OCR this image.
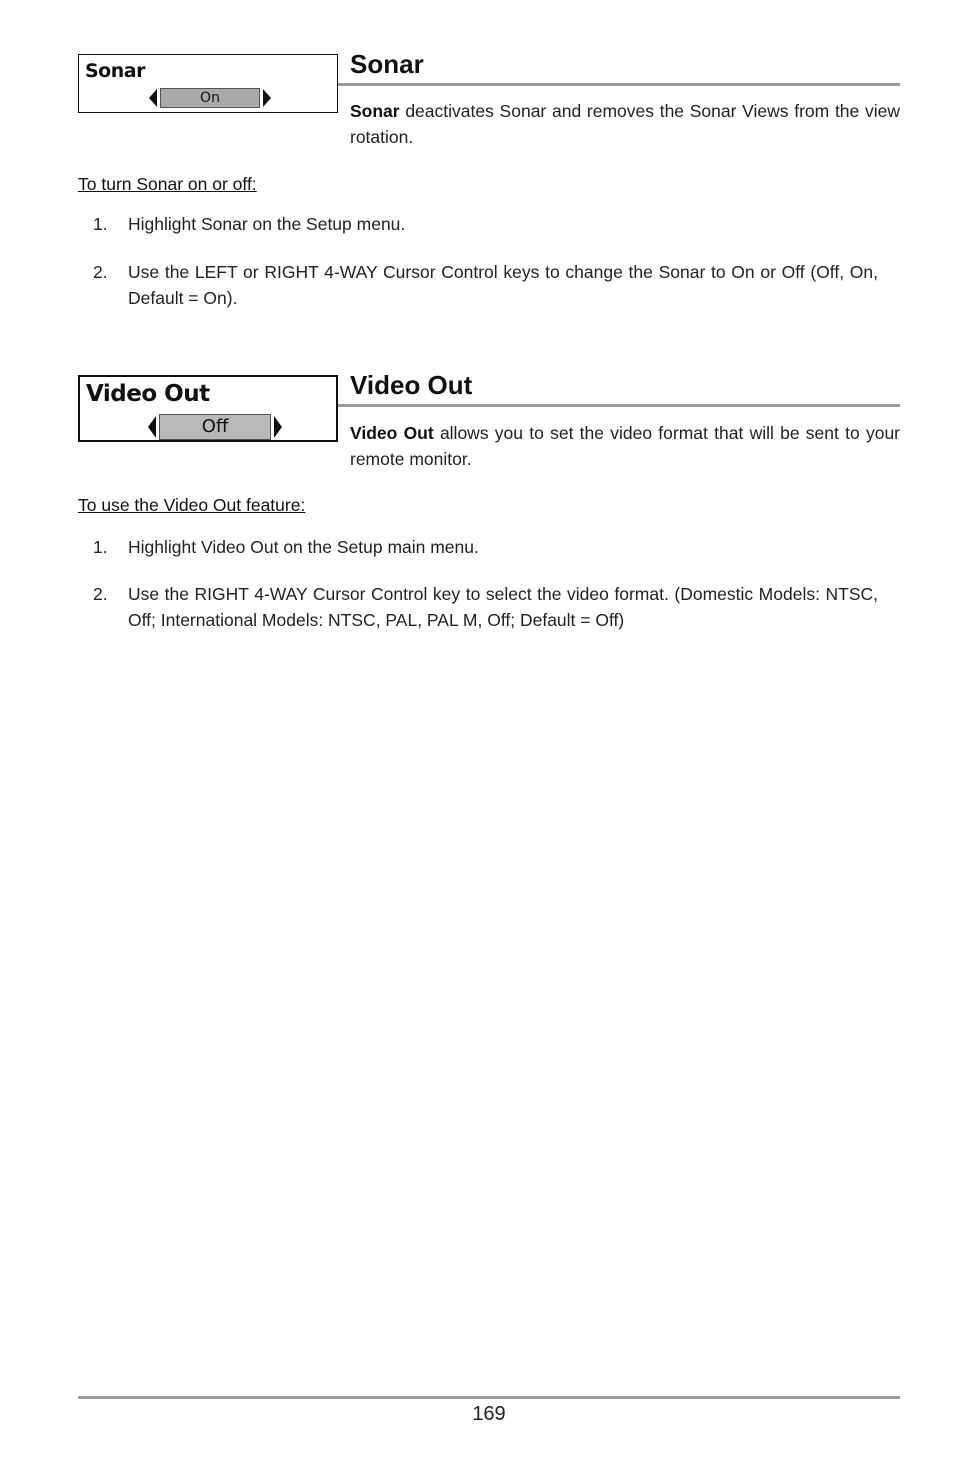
Sonar
On
Sonar

Sonar deactivates Sonar and removes the Sonar Views from the view rotation.

To turn Sonar on or off:

1. Highlight Sonar on the Setup menu.
2. Use the LEFT or RIGHT 4-WAY Cursor Control keys to change the Sonar to On or Off (Off, On, Default = On).
Video Out
Off
Video Out

Video Out allows you to set the video format that will be sent to your remote monitor.

To use the Video Out feature:

1. Highlight Video Out on the Setup main menu.
2. Use the RIGHT 4-WAY Cursor Control key to select the video format. (Domestic Models: NTSC, Off; International Models: NTSC, PAL, PAL M, Off; Default = Off)
169
